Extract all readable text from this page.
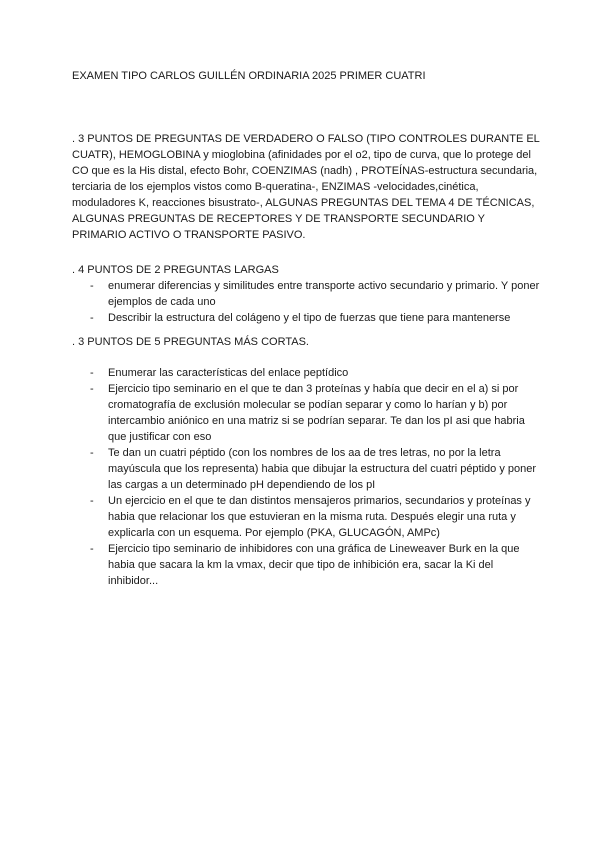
EXAMEN TIPO CARLOS GUILLÉN ORDINARIA 2025 PRIMER CUATRI
. 3 PUNTOS DE PREGUNTAS DE VERDADERO O FALSO (TIPO CONTROLES DURANTE EL CUATR), HEMOGLOBINA y mioglobina (afinidades por el o2, tipo de curva, que lo protege del CO que es la His distal, efecto Bohr, COENZIMAS (nadh) , PROTEÍNAS-estructura secundaria, terciaria de los ejemplos vistos como B-queratina-, ENZIMAS -velocidades,cinética, moduladores K, reacciones bisustrato-, ALGUNAS PREGUNTAS DEL TEMA 4 DE TÉCNICAS, ALGUNAS PREGUNTAS DE RECEPTORES Y DE TRANSPORTE SECUNDARIO Y PRIMARIO ACTIVO O TRANSPORTE PASIVO.
. 4 PUNTOS DE 2 PREGUNTAS LARGAS
- enumerar diferencias y similitudes entre transporte activo secundario y primario. Y poner ejemplos de cada uno
- Describir la estructura del colágeno y el tipo de fuerzas que tiene para mantenerse
. 3 PUNTOS DE 5 PREGUNTAS MÁS CORTAS.
- Enumerar las características del enlace peptídico
- Ejercicio tipo seminario en el que te dan 3 proteínas y había que decir en el a) si por cromatografía de exclusión molecular se podían separar y como lo harían y b) por intercambio aniónico en una matriz si se podrían separar. Te dan los pI asi que habria que justificar con eso
- Te dan un cuatri péptido (con los nombres de los aa de tres letras, no por la letra mayúscula que los representa) habia que dibujar la estructura del cuatri péptido y poner las cargas a un determinado pH dependiendo de los pI
- Un ejercicio en el que te dan distintos mensajeros primarios, secundarios y proteínas y habia que relacionar los que estuvieran en la misma ruta. Después elegir una ruta y explicarla con un esquema. Por ejemplo (PKA, GLUCAGÓN, AMPc)
- Ejercicio tipo seminario de inhibidores con una gráfica de Lineweaver Burk en la que habia que sacara la km la vmax, decir que tipo de inhibición era, sacar la Ki del inhibidor...
